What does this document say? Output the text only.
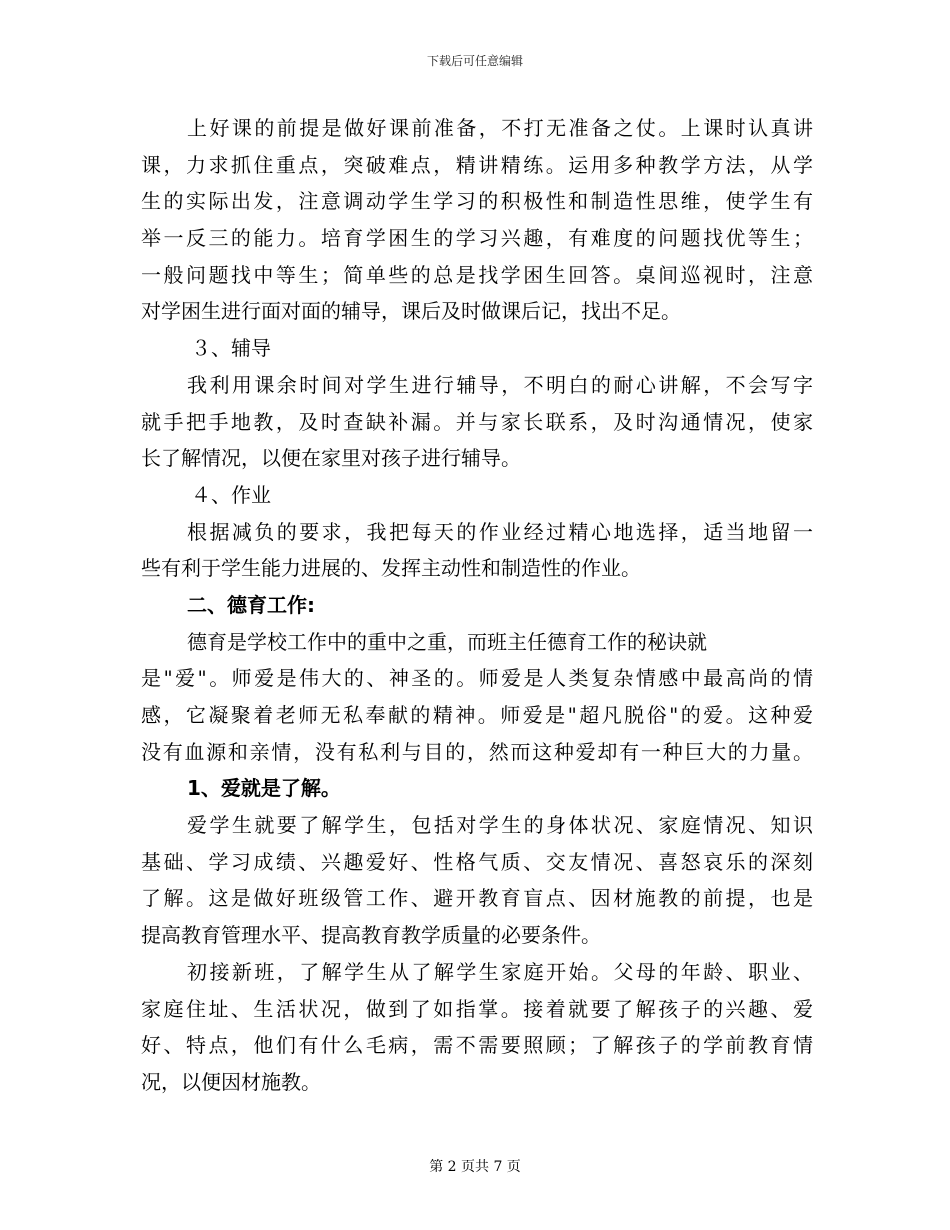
下载后可任意编辑
上好课的前提是做好课前准备，不打无准备之仗。上课时认真讲
课，力求抓住重点，突破难点，精讲精练。运用多种教学方法，从学
生的实际出发，注意调动学生学习的积极性和制造性思维，使学生有
举一反三的能力。培育学困生的学习兴趣，有难度的问题找优等生；
一般问题找中等生；简单些的总是找学困生回答。桌间巡视时，注意
对学困生进行面对面的辅导，课后及时做课后记，找出不足。
３、辅导
我利用课余时间对学生进行辅导，不明白的耐心讲解，不会写字
就手把手地教，及时查缺补漏。并与家长联系，及时沟通情况，使家
长了解情况，以便在家里对孩子进行辅导。
４、作业
根据减负的要求，我把每天的作业经过精心地选择，适当地留一
些有利于学生能力进展的、发挥主动性和制造性的作业。
二、德育工作:
德育是学校工作中的重中之重，而班主任德育工作的秘诀就
是"爱"。师爱是伟大的、神圣的。师爱是人类复杂情感中最高尚的情
感，它凝聚着老师无私奉献的精神。师爱是"超凡脱俗"的爱。这种爱
没有血源和亲情，没有私利与目的，然而这种爱却有一种巨大的力量。
1、爱就是了解。
爱学生就要了解学生，包括对学生的身体状况、家庭情况、知识
基础、学习成绩、兴趣爱好、性格气质、交友情况、喜怒哀乐的深刻
了解。这是做好班级管工作、避开教育盲点、因材施教的前提，也是
提高教育管理水平、提高教育教学质量的必要条件。
初接新班，了解学生从了解学生家庭开始。父母的年龄、职业、
家庭住址、生活状况，做到了如指掌。接着就要了解孩子的兴趣、爱
好、特点，他们有什么毛病，需不需要照顾；了解孩子的学前教育情
况，以便因材施教。
第 2 页共 7 页
